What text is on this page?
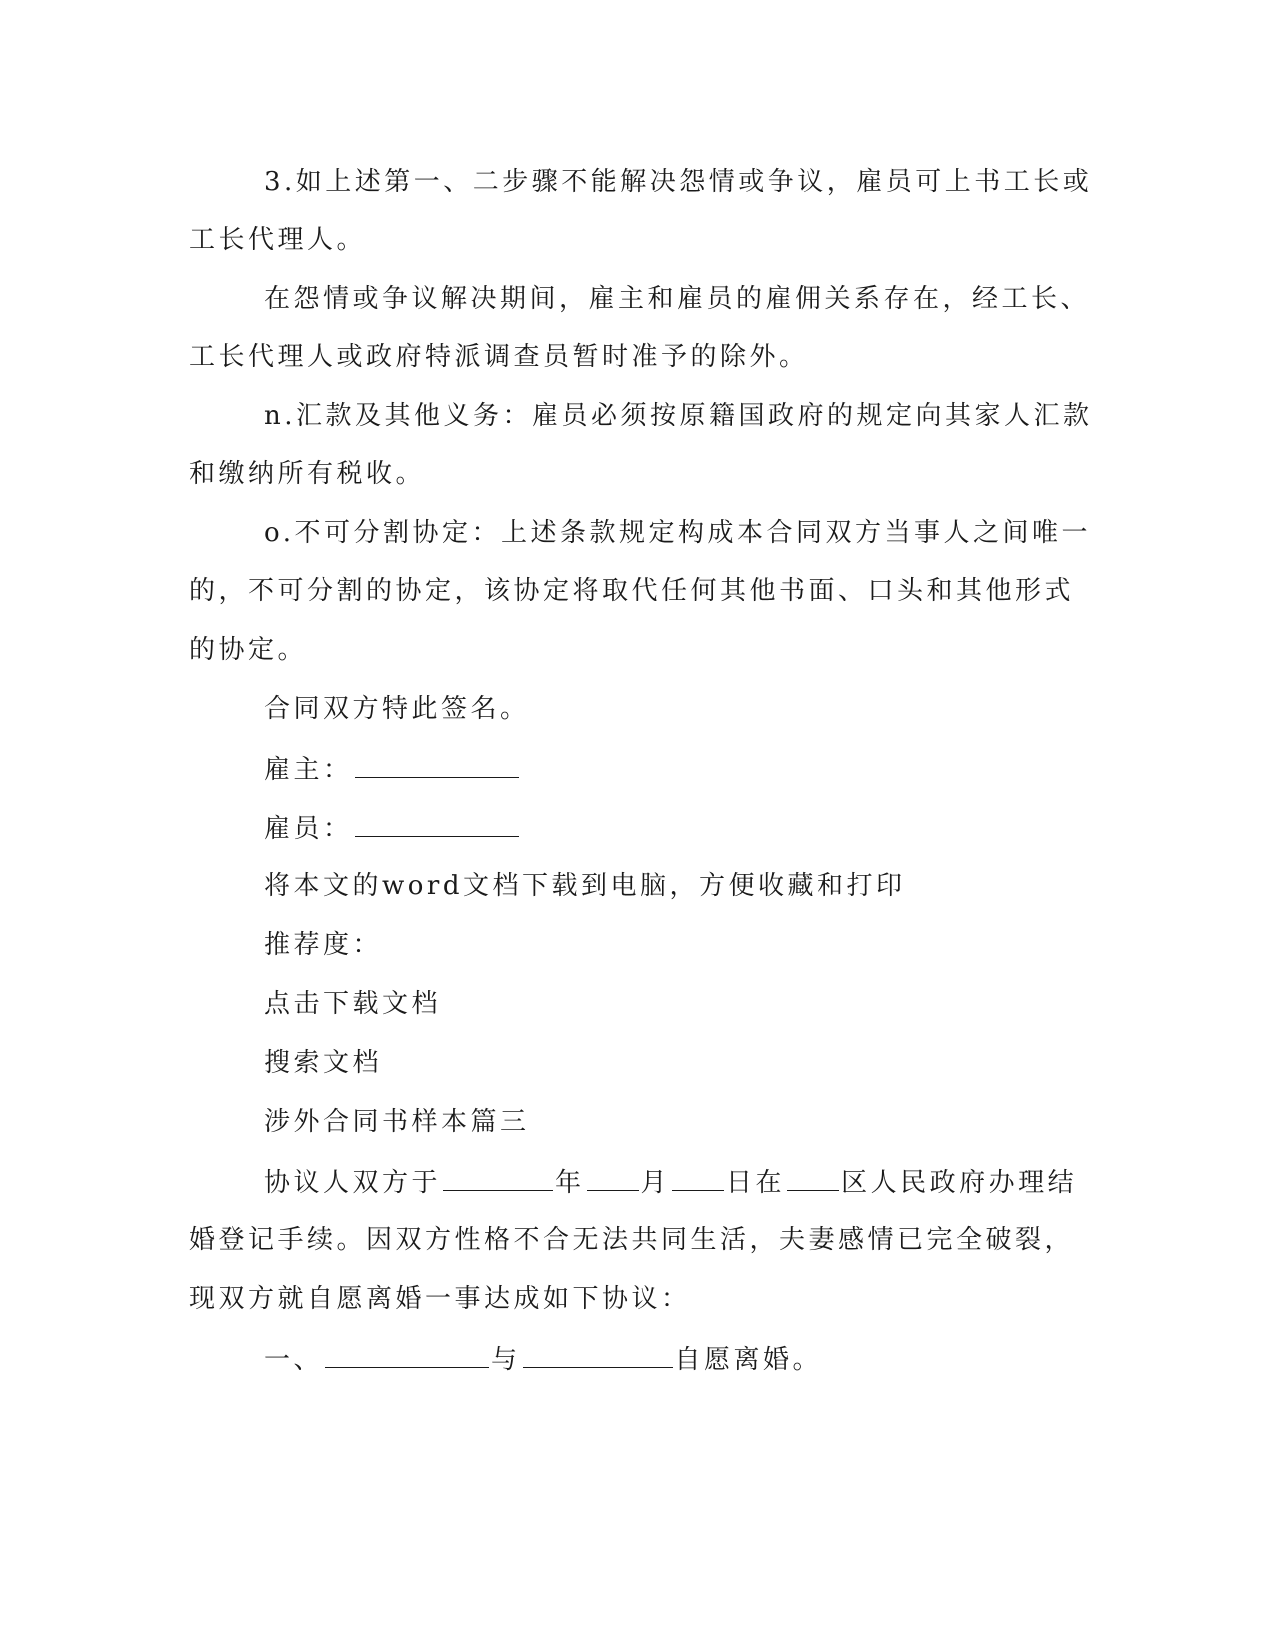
3.如上述第一、二步骤不能解决怨情或争议，雇员可上书工长或
工长代理人。
在怨情或争议解决期间，雇主和雇员的雇佣关系存在，经工长、
工长代理人或政府特派调查员暂时准予的除外。
n.汇款及其他义务：雇员必须按原籍国政府的规定向其家人汇款
和缴纳所有税收。
o.不可分割协定：上述条款规定构成本合同双方当事人之间唯一
的，不可分割的协定，该协定将取代任何其他书面、口头和其他形式
的协定。
合同双方特此签名。
雇主：
雇员：
将本文的word文档下载到电脑，方便收藏和打印
推荐度：
点击下载文档
搜索文档
涉外合同书样本篇三
协议人双方于	年 月 日在 区人民政府办理结
婚登记手续。因双方性格不合无法共同生活，夫妻感情已完全破裂，
现双方就自愿离婚一事达成如下协议：
一、	与	自愿离婚。
